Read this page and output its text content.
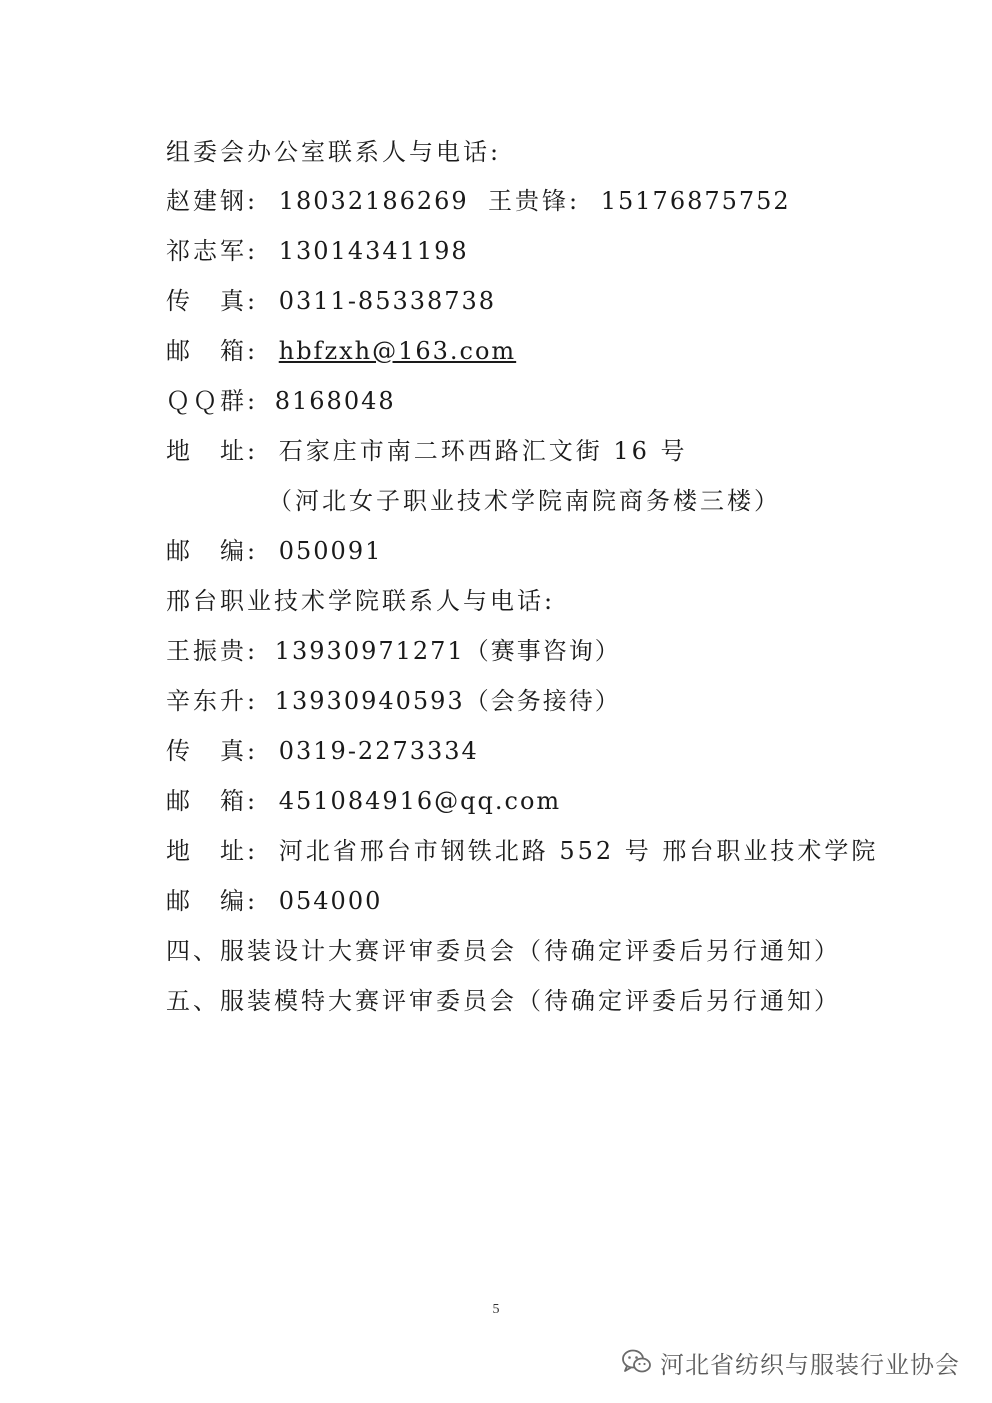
组委会办公室联系人与电话:
赵建钢: 18032186269 王贵锋: 15176875752
祁志军: 13014341198
传　真: 0311-85338738
邮　箱: hbfzxh@163.com
ＱＱ群: 8168048
地　址: 石家庄市南二环西路汇文街 16 号
（河北女子职业技术学院南院商务楼三楼）
邮　编: 050091
邢台职业技术学院联系人与电话:
王振贵: 13930971271（赛事咨询）
辛东升: 13930940593（会务接待）
传　真: 0319-2273334
邮　箱: 451084916@qq.com
地　址: 河北省邢台市钢铁北路 552 号 邢台职业技术学院
邮　编: 054000
四、服装设计大赛评审委员会（待确定评委后另行通知）
五、服装模特大赛评审委员会（待确定评委后另行通知）
5
河北省纺织与服装行业协会
